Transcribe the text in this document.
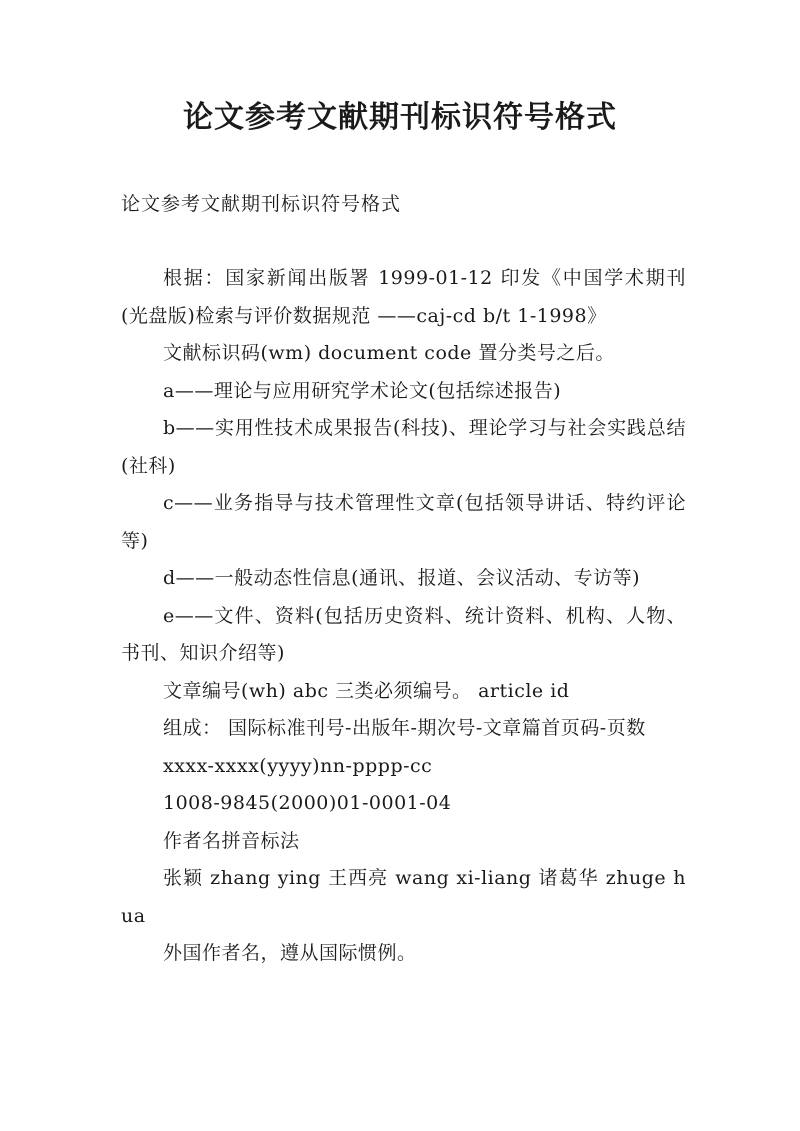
论文参考文献期刊标识符号格式

论文参考文献期刊标识符号格式

根据：国家新闻出版署 1999-01-12 印发《中国学术期刊(光盘版)检索与评价数据规范 ——caj-cd b/t 1-1998》

文献标识码(wm) document code 置分类号之后。

a——理论与应用研究学术论文(包括综述报告)

b——实用性技术成果报告(科技)、理论学习与社会实践总结(社科)

c——业务指导与技术管理性文章(包括领导讲话、特约评论等)

d——一般动态性信息(通讯、报道、会议活动、专访等)

e——文件、资料(包括历史资料、统计资料、机构、人物、书刊、知识介绍等)

文章编号(wh) abc 三类必须编号。 article id

组成： 国际标准刊号-出版年-期次号-文章篇首页码-页数

xxxx-xxxx(yyyy)nn-pppp-cc

1008-9845(2000)01-0001-04

作者名拼音标法

张颖 zhang ying 王西亮 wang xi-liang 诸葛华 zhuge hua

外国作者名，遵从国际惯例。
